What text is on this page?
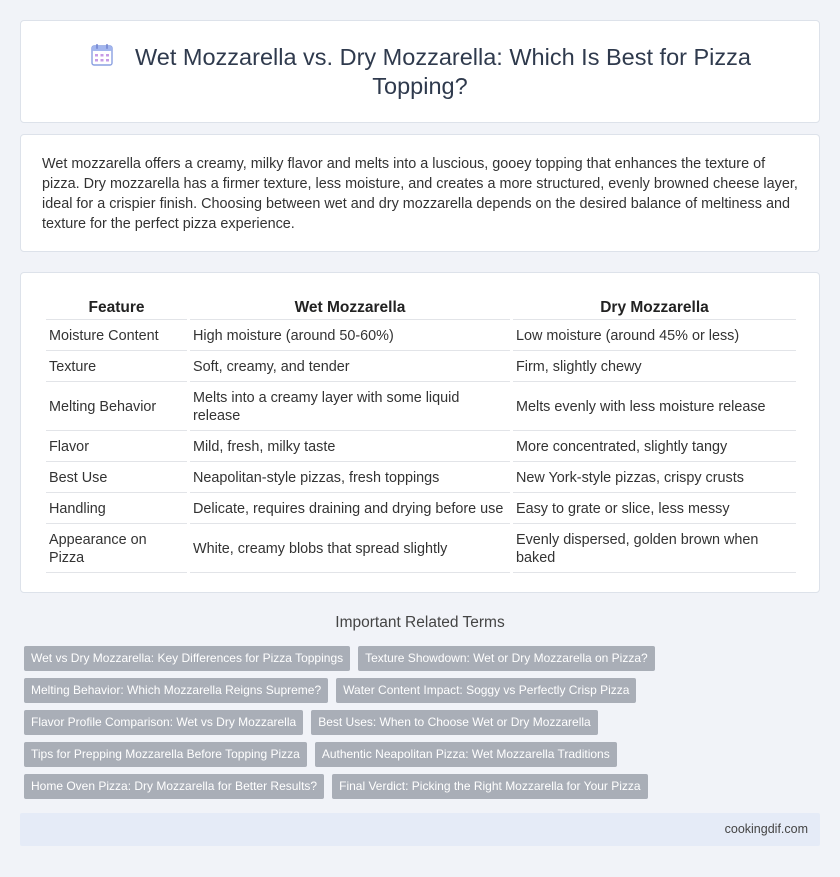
Wet Mozzarella vs. Dry Mozzarella: Which Is Best for Pizza Topping?

Wet mozzarella offers a creamy, milky flavor and melts into a luscious, gooey topping that enhances the texture of pizza. Dry mozzarella has a firmer texture, less moisture, and creates a more structured, evenly browned cheese layer, ideal for a crispier finish. Choosing between wet and dry mozzarella depends on the desired balance of meltiness and texture for the perfect pizza experience.

Feature	Wet Mozzarella	Dry Mozzarella
Moisture Content	High moisture (around 50-60%)	Low moisture (around 45% or less)
Texture	Soft, creamy, and tender	Firm, slightly chewy
Melting Behavior	Melts into a creamy layer with some liquid release	Melts evenly with less moisture release
Flavor	Mild, fresh, milky taste	More concentrated, slightly tangy
Best Use	Neapolitan-style pizzas, fresh toppings	New York-style pizzas, crispy crusts
Handling	Delicate, requires draining and drying before use	Easy to grate or slice, less messy
Appearance on Pizza	White, creamy blobs that spread slightly	Evenly dispersed, golden brown when baked
Important Related Terms
Wet vs Dry Mozzarella: Key Differences for Pizza Toppings	Texture Showdown: Wet or Dry Mozzarella on Pizza?
Melting Behavior: Which Mozzarella Reigns Supreme?	Water Content Impact: Soggy vs Perfectly Crisp Pizza
Flavor Profile Comparison: Wet vs Dry Mozzarella	Best Uses: When to Choose Wet or Dry Mozzarella
Tips for Prepping Mozzarella Before Topping Pizza	Authentic Neapolitan Pizza: Wet Mozzarella Traditions
Home Oven Pizza: Dry Mozzarella for Better Results?	Final Verdict: Picking the Right Mozzarella for Your Pizza
cookingdif.com
